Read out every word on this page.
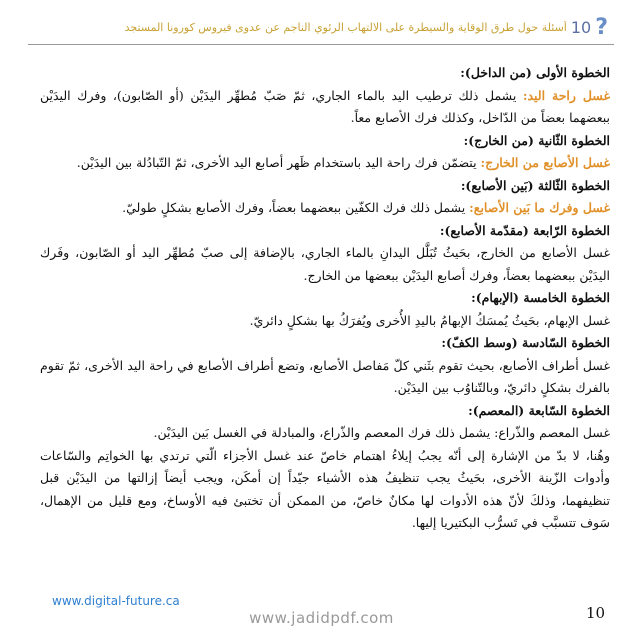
?
10
أسئلة حول طرق الوقاية والسيطرة على الالتهاب الرئوي الناجم عن عدوى فيروس كورونا المستجد

الخطوة الأولى (من الداخل):

غسل راحة اليد: يشمل ذلك ترطيب اليد بالماء الجاري، ثمّ صَبّ مُطهِّر اليدَيْن (أو الصّابون)، وفرك اليدَيْن ببعضهما بعضاً من الدّاخل، وكذلك فرك الأصابع معاً.

الخطوة الثّانية (من الخارج):

غسل الأصابع من الخارج: يتضمّن فرك راحة اليد باستخدام ظَهر أصابع اليد الأخرى، ثمّ التّبادُلة بين اليدَيْن.

الخطوة الثّالثة (بَين الأصابع):

غسل وفرك ما بَين الأصابع: يشمل ذلك فرك الكفّين ببعضهما بعضاً، وفرك الأصابع بشكلٍ طوليّ.

الخطوة الرّابعة (مقدّمة الأصابع):

غسل الأصابع من الخارج، بحَيثُ تُبَلَّل اليدانِ بالماء الجاري، بالإضافة إلى صبّ مُطهِّر اليد أو الصّابون، وفَرك اليدَيْن ببعضهما بعضاً، وفرك أصابع اليدَيْن ببعضها من الخارج.

الخطوة الخامسة (الإبهام):

غسل الإبهام، بحَيثُ يُمسَكُ الإبهامُ باليدِ الأُخرى ويُفرَكُ بها بشكلٍ دائريّ.

الخطوة السّادسة (وسط الكفّ):

غسل أطراف الأصابع، بحيث تقوم بثَني كلّ مَفاصل الأصابع، وتضع أطراف الأصابع في راحة اليد الأخرى، ثمّ تقوم بالفرك بشكلٍ دائريّ، وبالتّناوُب بين اليدَيْن.

الخطوة السّابعة (المعصم):

غسل المعصم والذّراع: يشمل ذلك فرك المعصم والذّراع، والمبادلة في الغسل بَين اليدَيْن.

وهُنا، لا بدّ من الإشارة إلى أنّه يجبُ إيلاءُ اهتمام خاصّ عند غسل الأجزاء الّتي ترتدي بها الخواتِم والسّاعات وأدوات الزّينة الأخرى، بحَيثُ يجب تنظيفُ هذه الأشياء جيّداً إن أمكَن، ويجب أيضاً إزالتها من اليدَيْن قبل تنظيفهما، وذلكَ لأنّ هذه الأدوات لها مكانٌ خاصّ، من الممكن أن تختبئ فيه الأوساخ، ومع قليل من الإهمال، سَوف تتسبَّب في تَسرُّب البكتيريا إليها.

www.digital-future.ca
www.jadidpdf.com	10
